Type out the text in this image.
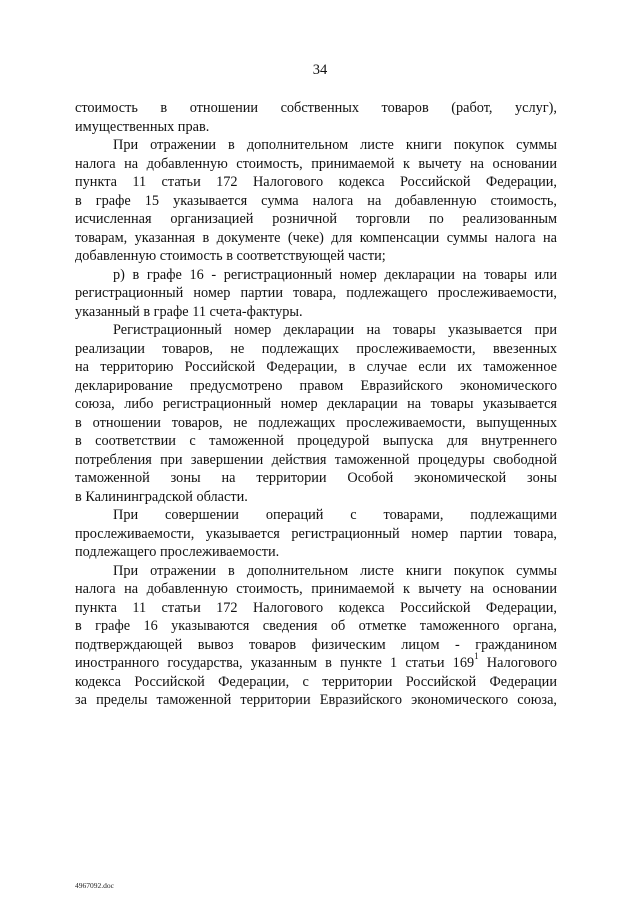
34
стоимость в отношении собственных товаров (работ, услуг),
имущественных прав.
При отражении в дополнительном листе книги покупок суммы
налога на добавленную стоимость, принимаемой к вычету на основании
пункта 11 статьи 172 Налогового кодекса Российской Федерации,
в графе 15 указывается сумма налога на добавленную стоимость,
исчисленная организацией розничной торговли по реализованным
товарам, указанная в документе (чеке) для компенсации суммы налога на
добавленную стоимость в соответствующей части;
р) в графе 16 - регистрационный номер декларации на товары или
регистрационный номер партии товара, подлежащего прослеживаемости,
указанный в графе 11 счета-фактуры.
Регистрационный номер декларации на товары указывается при
реализации товаров, не подлежащих прослеживаемости, ввезенных
на территорию Российской Федерации, в случае если их таможенное
декларирование предусмотрено правом Евразийского экономического
союза, либо регистрационный номер декларации на товары указывается
в отношении товаров, не подлежащих прослеживаемости, выпущенных
в соответствии с таможенной процедурой выпуска для внутреннего
потребления при завершении действия таможенной процедуры свободной
таможенной зоны на территории Особой экономической зоны
в Калининградской области.
При совершении операций с товарами, подлежащими
прослеживаемости, указывается регистрационный номер партии товара,
подлежащего прослеживаемости.
При отражении в дополнительном листе книги покупок суммы
налога на добавленную стоимость, принимаемой к вычету на основании
пункта 11 статьи 172 Налогового кодекса Российской Федерации,
в графе 16 указываются сведения об отметке таможенного органа,
подтверждающей вывоз товаров физическим лицом - гражданином
иностранного государства, указанным в пункте 1 статьи $169^1$ Налогового
кодекса Российской Федерации, с территории Российской Федерации
за пределы таможенной территории Евразийского экономического союза,
4967092.doc
